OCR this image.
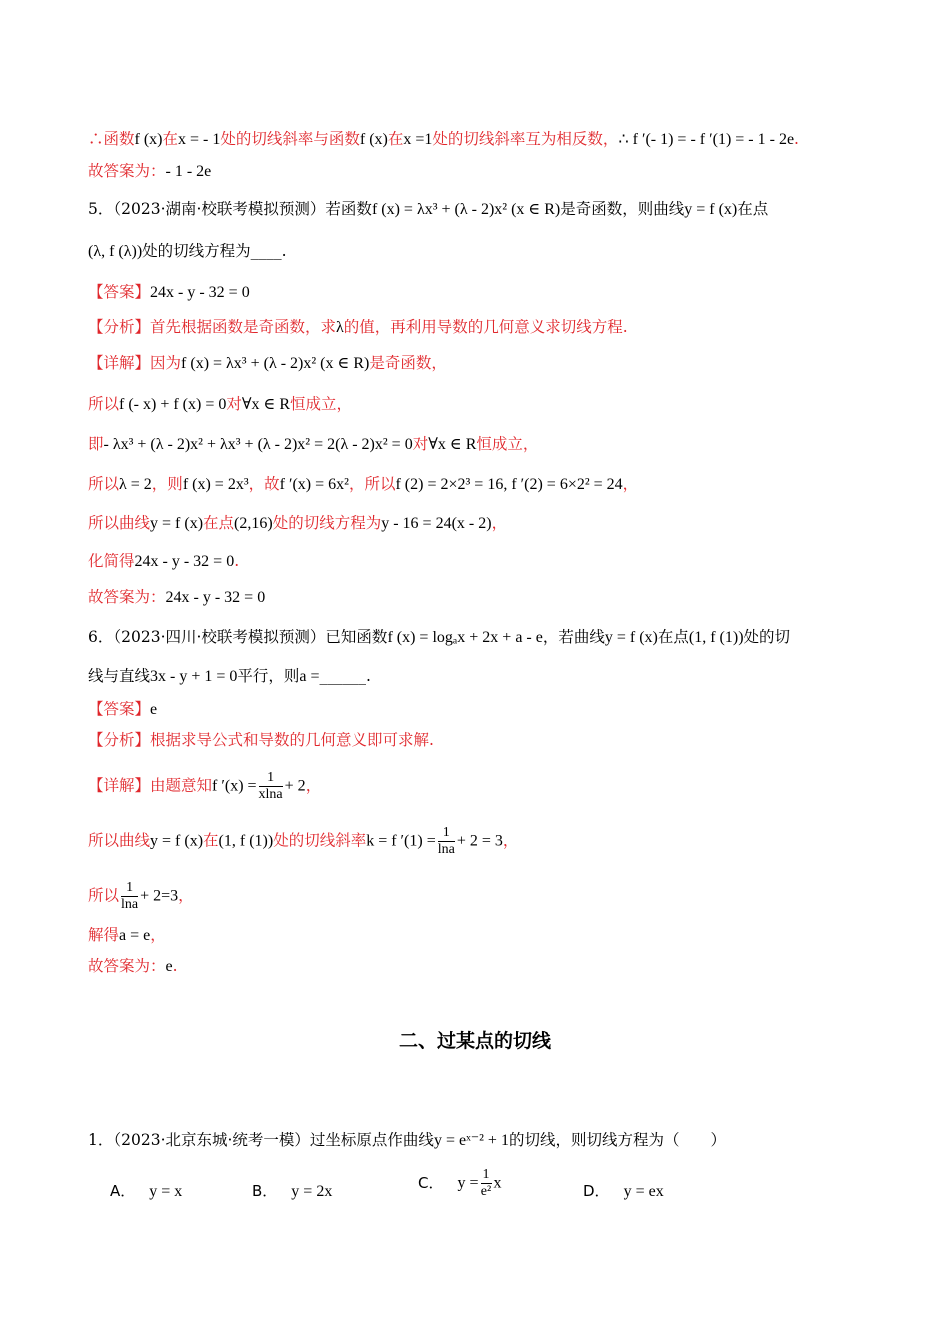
∴函数f (x)在x = - 1处的切线斜率与函数f (x)在x =1处的切线斜率互为相反数，∴ f ′(- 1) = - f ′(1) = - 1 - 2e.
故答案为：- 1 - 2e
5．（2023·湖南·校联考模拟预测）若函数f (x) = λx³ + (λ - 2)x² (x ∈ R)是奇函数，则曲线y = f (x)在点
(λ, f (λ))处的切线方程为____.
【答案】24x - y - 32 = 0
【分析】首先根据函数是奇函数，求λ的值，再利用导数的几何意义求切线方程.
【详解】因为f (x) = λx³ + (λ - 2)x² (x ∈ R)是奇函数，
所以f (- x) + f (x) = 0对∀x ∈ R恒成立，
即- λx³ + (λ - 2)x² + λx³ + (λ - 2)x² = 2(λ - 2)x² = 0对∀x ∈ R恒成立，
所以λ = 2，则f (x) = 2x³，故f ′(x) = 6x²，所以f (2) = 2×2³ = 16, f ′(2) = 6×2² = 24，
所以曲线y = f (x)在点(2,16)处的切线方程为y - 16 = 24(x - 2)，
化简得24x - y - 32 = 0.
故答案为：24x - y - 32 = 0
6．（2023·四川·校联考模拟预测）已知函数f (x) = logₐx + 2x + a - e，若曲线y = f (x)在点(1, f (1))处的切
线与直线3x - y + 1 = 0平行，则a =______.
【答案】e
【分析】根据求导公式和导数的几何意义即可求解.
【详解】由题意知f $'(x) = \frac{1}{xlna} + 2$，
所以曲线y = f (x)在(1, f (1))处的切线斜率k = f $'(1) = \frac{1}{\ln a} + 2 = 3$，
所以 $\frac{1}{\ln a} + 2=3$，
解得a = e，
故答案为：e.
二、过某点的切线
1．（2023·北京东城·统考一模）过坐标原点作曲线y = eˣ⁻² + 1的切线，则切线方程为（　　）
A． y = x	B． y = 2x	C． $y = \frac{1}{\text{e²}}$ x	D． y = ex
